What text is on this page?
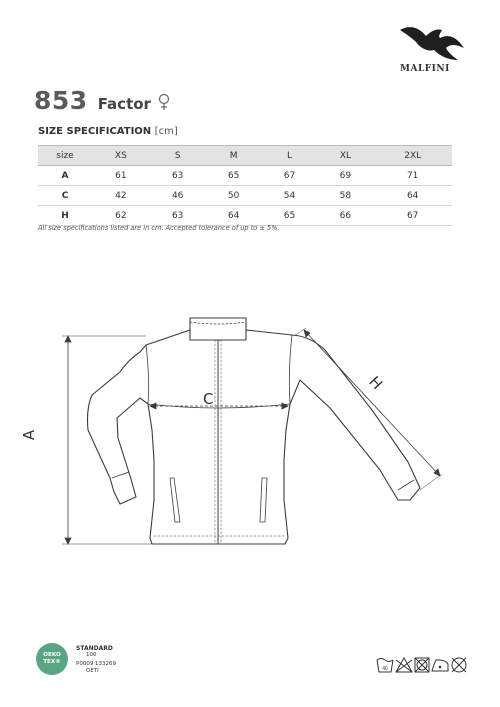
MALFINI
853 Factor
SIZE SPECIFICATION [cm]
size	XS	S	M	L	XL	2XL
A	61	63	65	67	69	71
C	42	46	50	54	58	64
H	62	63	64	65	66	67
All size specifications listed are in cm. Accepted tolerance of up to ± 5%.
A
C
H
OEKO
TEX®
STANDARD
100
P0009 133269
OETI	40
